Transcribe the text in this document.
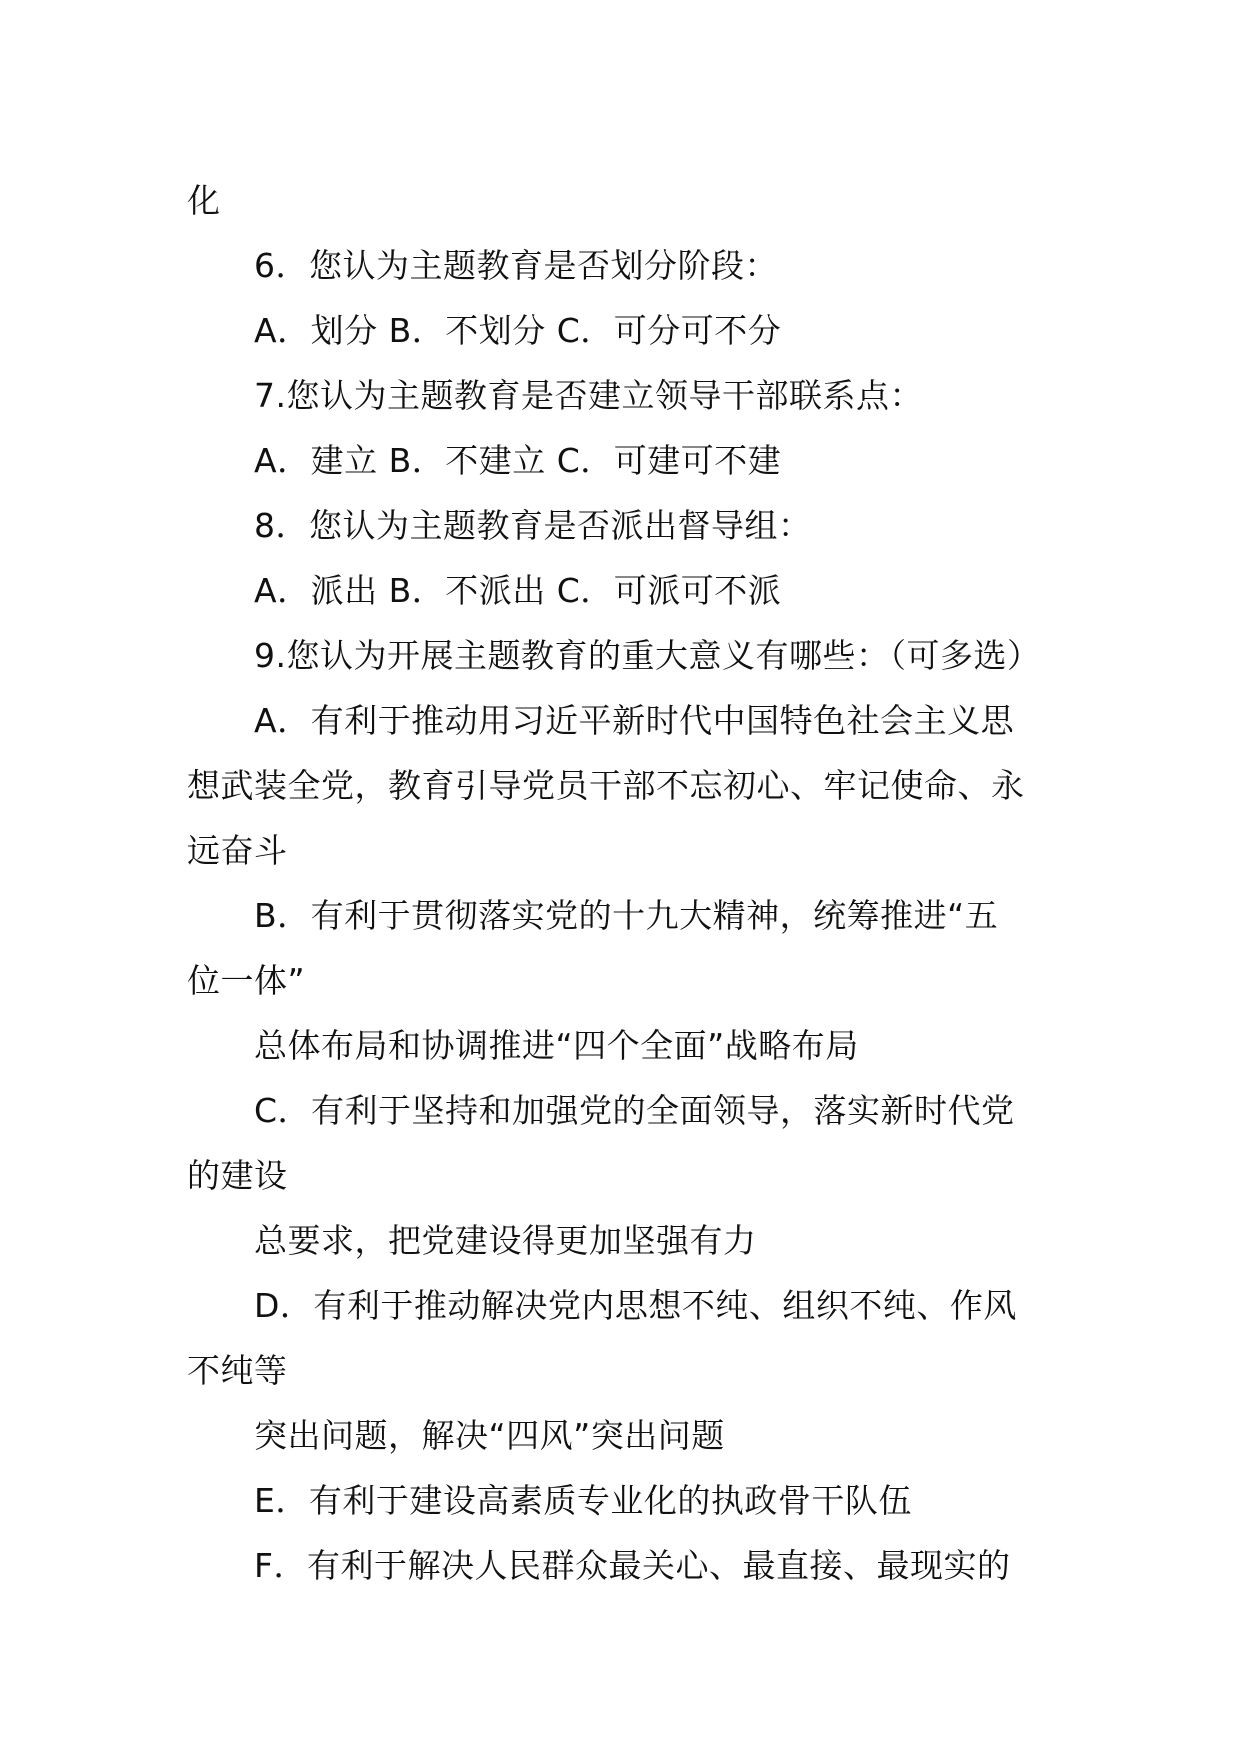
化
6．您认为主题教育是否划分阶段：
A．划分 B．不划分 C．可分可不分
7.您认为主题教育是否建立领导干部联系点：
A．建立 B．不建立 C．可建可不建
8．您认为主题教育是否派出督导组：
A．派出 B．不派出 C．可派可不派
9.您认为开展主题教育的重大意义有哪些：（可多选）
A．有利于推动用习近平新时代中国特色社会主义思
想武装全党，教育引导党员干部不忘初心、牢记使命、永
远奋斗
B．有利于贯彻落实党的十九大精神，统筹推进“五
位一体”
总体布局和协调推进“四个全面”战略布局
C．有利于坚持和加强党的全面领导，落实新时代党
的建设
总要求，把党建设得更加坚强有力
D．有利于推动解决党内思想不纯、组织不纯、作风
不纯等
突出问题，解决“四风”突出问题
E．有利于建设高素质专业化的执政骨干队伍
F．有利于解决人民群众最关心、最直接、最现实的
